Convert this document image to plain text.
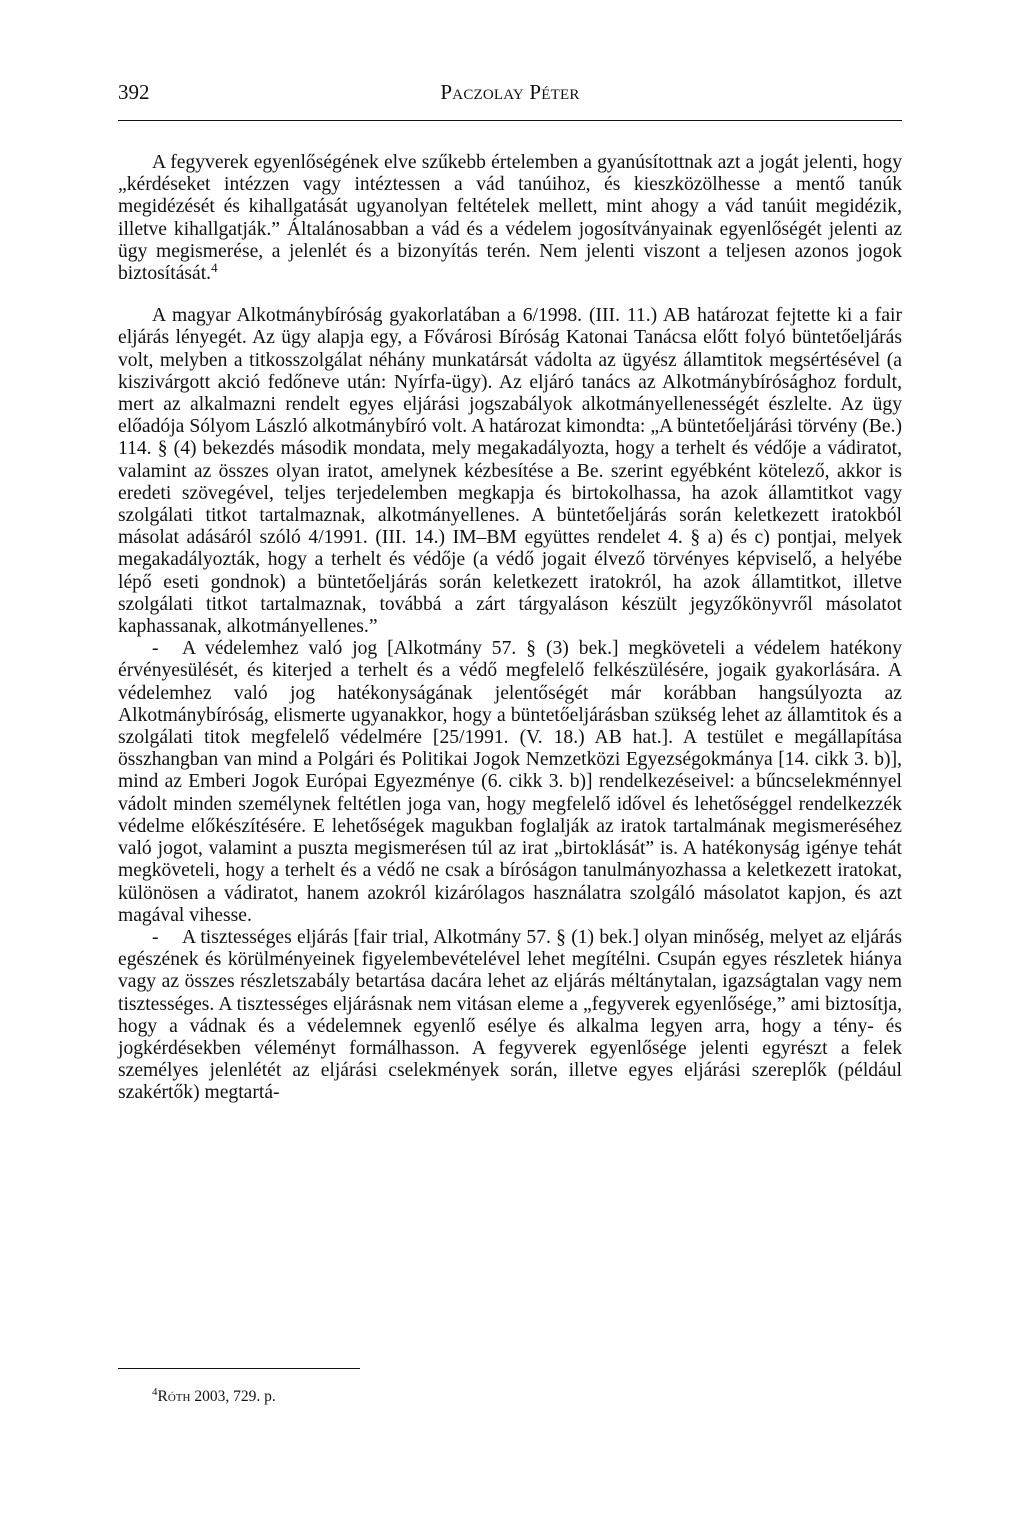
392	Paczolay Péter

A fegyverek egyenlőségének elve szűkebb értelemben a gyanúsítottnak azt a jogát jelenti, hogy „kérdéseket intézzen vagy intéztessen a vád tanúihoz, és kieszközölhesse a mentő tanúk megidézését és kihallgatását ugyanolyan feltételek mellett, mint ahogy a vád tanúit megidézik, illetve kihallgatják.” Általánosabban a vád és a védelem jogosítványainak egyenlőségét jelenti az ügy megismerése, a jelenlét és a bizonyítás terén. Nem jelenti viszont a teljesen azonos jogok biztosítását.$^4$

A magyar Alkotmánybíróság gyakorlatában a 6/1998. (III. 11.) AB határozat fejtette ki a fair eljárás lényegét. Az ügy alapja egy, a Fővárosi Bíróság Katonai Tanácsa előtt folyó büntetőeljárás volt, melyben a titkosszolgálat néhány munkatársát vádolta az ügyész államtitok megsértésével (a kiszivárgott akció fedőneve után: Nyírfa-ügy). Az eljáró tanács az Alkotmánybírósághoz fordult, mert az alkalmazni rendelt egyes eljárási jogszabályok alkotmányellenességét észlelte. Az ügy előadója Sólyom László alkotmánybíró volt. A határozat kimondta: „A büntetőeljárási törvény (Be.) 114. § (4) bekezdés második mondata, mely megakadályozta, hogy a terhelt és védője a vádiratot, valamint az összes olyan iratot, amelynek kézbesítése a Be. szerint egyébként kötelező, akkor is eredeti szövegével, teljes terjedelemben megkapja és birtokolhassa, ha azok államtitkot vagy szolgálati titkot tartalmaznak, alkotmányellenes. A büntetőeljárás során keletkezett iratokból másolat adásáról szóló 4/1991. (III. 14.) IM–BM együttes rendelet 4. § a) és c) pontjai, melyek megakadályozták, hogy a terhelt és védője (a védő jogait élvező törvényes képviselő, a helyébe lépő eseti gondnok) a büntetőeljárás során keletkezett iratokról, ha azok államtitkot, illetve szolgálati titkot tartalmaznak, továbbá a zárt tárgyaláson készült jegyzőkönyvről másolatot kaphassanak, alkotmányellenes.”

- A védelemhez való jog [Alkotmány 57. § (3) bek.] megköveteli a védelem hatékony érvényesülését, és kiterjed a terhelt és a védő megfelelő felkészülésére, jogaik gyakorlására. A védelemhez való jog hatékonyságának jelentőségét már korábban hangsúlyozta az Alkotmánybíróság, elismerte ugyanakkor, hogy a büntetőeljárásban szükség lehet az államtitok és a szolgálati titok megfelelő védelmére [25/1991. (V. 18.) AB hat.]. A testület e megállapítása összhangban van mind a Polgári és Politikai Jogok Nemzetközi Egyezségokmánya [14. cikk 3. b)], mind az Emberi Jogok Európai Egyezménye (6. cikk 3. b)] rendelkezéseivel: a bűncselekménnyel vádolt minden személynek feltétlen joga van, hogy megfelelő idővel és lehetőséggel rendelkezzék védelme előkészítésére. E lehetőségek magukban foglalják az iratok tartalmának megismeréséhez való jogot, valamint a puszta megismerésen túl az irat „birtoklását” is. A hatékonyság igénye tehát megköveteli, hogy a terhelt és a védő ne csak a bíróságon tanulmányozhassa a keletkezett iratokat, különösen a vádiratot, hanem azokról kizárólagos használatra szolgáló másolatot kapjon, és azt magával vihesse.

- A tisztességes eljárás [fair trial, Alkotmány 57. § (1) bek.] olyan minőség, melyet az eljárás egészének és körülményeinek figyelembevételével lehet megítélni. Csupán egyes részletek hiánya vagy az összes részletszabály betartása dacára lehet az eljárás méltánytalan, igazságtalan vagy nem tisztességes. A tisztességes eljárásnak nem vitásan eleme a „fegyverek egyenlősége,” ami biztosítja, hogy a vádnak és a védelemnek egyenlő esélye és alkalma legyen arra, hogy a tény- és jogkérdésekben véleményt formálhasson. A fegyverek egyenlősége jelenti egyrészt a felek személyes jelenlétét az eljárási cselekmények során, illetve egyes eljárási szereplők (például szakértők) megtartá-

$^4$Róth 2003, 729. p.
